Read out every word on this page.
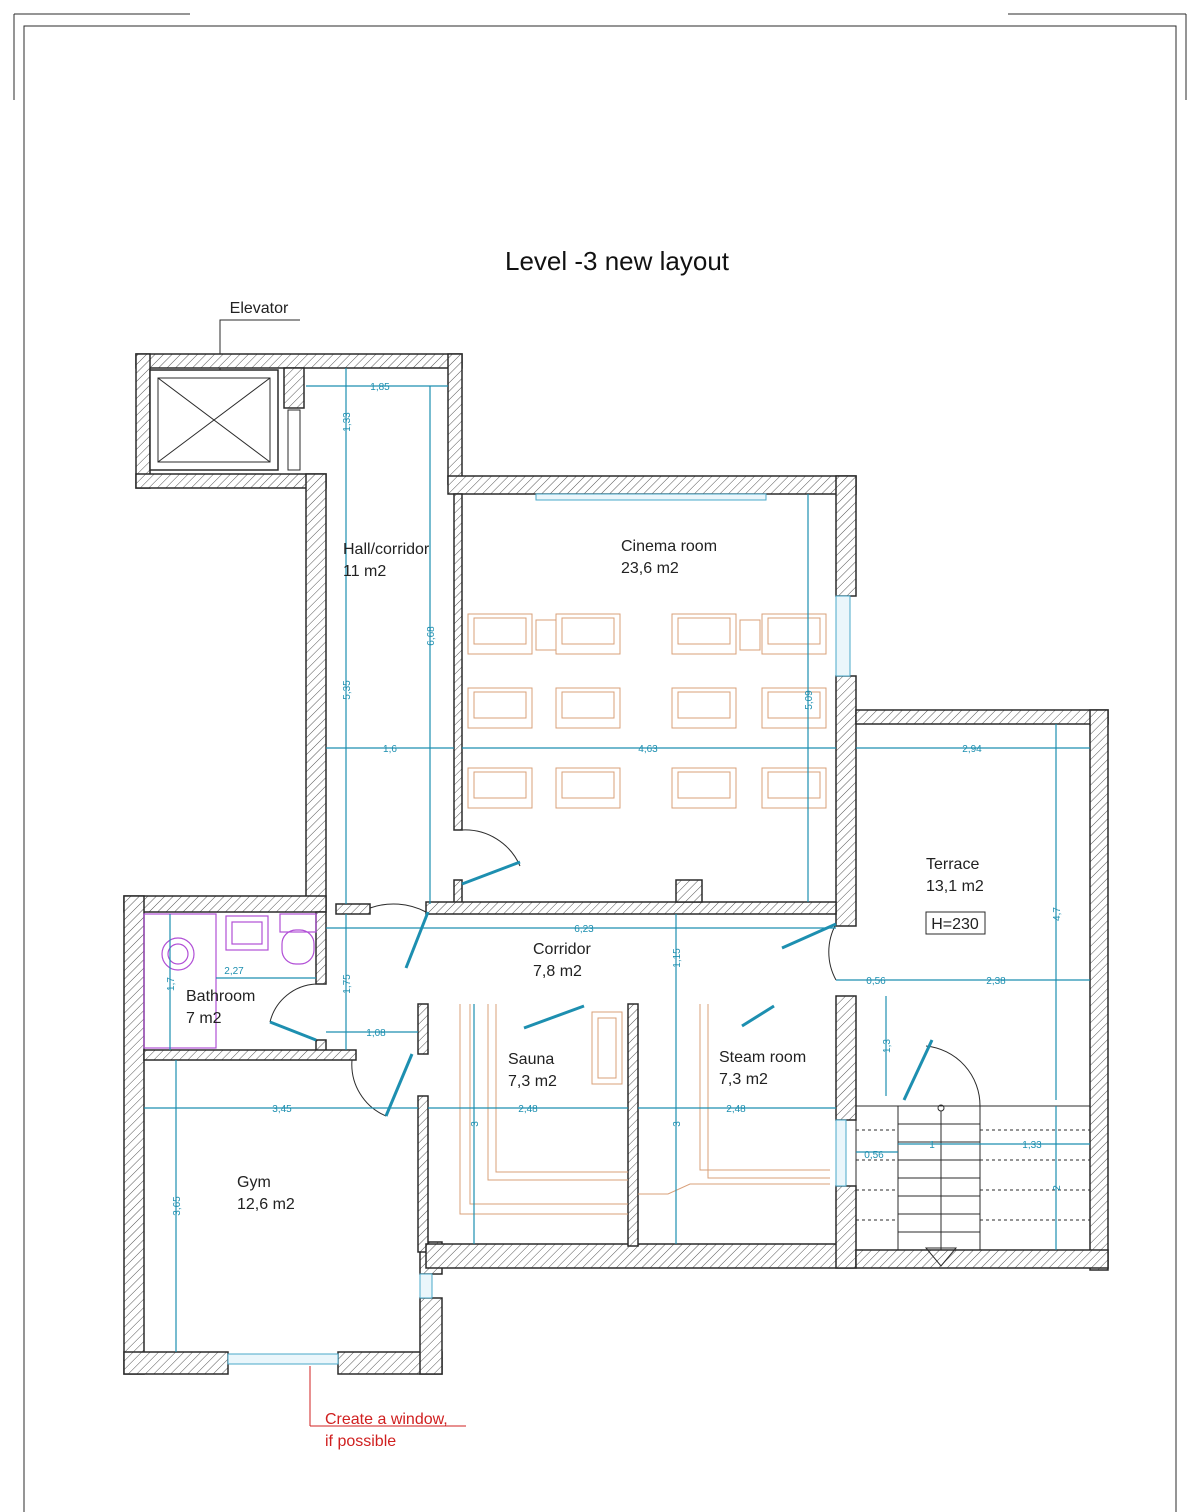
Level -3 new layout
Elevator
1,85
1,33
5,35
6,68
1,6	4,63
5,09
2,94
4,7
6,23
1,15
1,7
2,27
1,75
1,08
0,56	2,38
1,3
3,45	2,48	2,48
3	3
1	1,33
0,56
2
3,65
Hall/corridor
11 m2
Cinema room
23,6 m2
Terrace
13,1 m2
H=230
Corridor
7,8 m2
Bathroom
7 m2
Sauna
7,3 m2
Steam room
7,3 m2
Gym
12,6 m2
Create a window,
if possible
